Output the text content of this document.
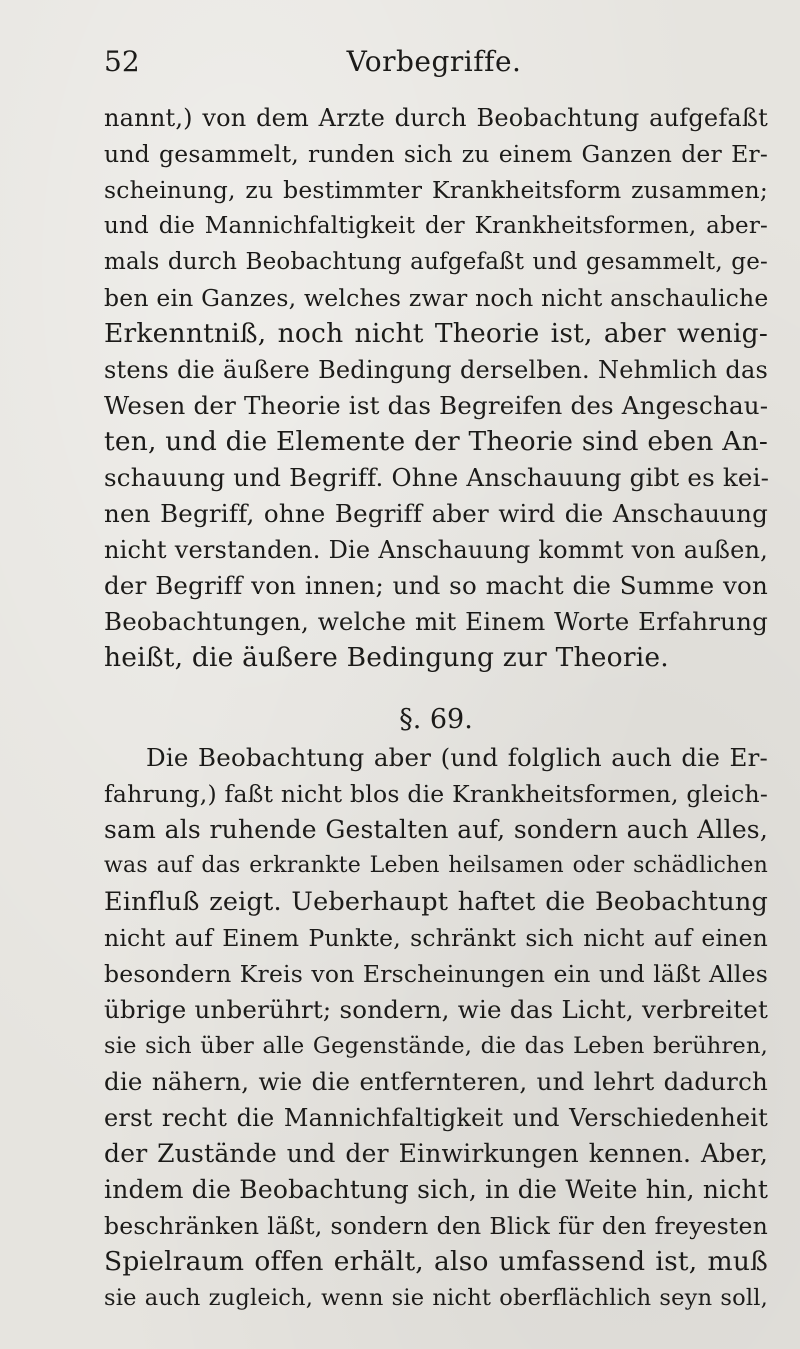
52	Vorbegriffe.
nannt,) von dem Arzte durch Beobachtung aufgefaßt
und gesammelt, runden sich zu einem Ganzen der Er-
scheinung, zu bestimmter Krankheitsform zusammen;
und die Mannichfaltigkeit der Krankheitsformen, aber-
mals durch Beobachtung aufgefaßt und gesammelt, ge-
ben ein Ganzes, welches zwar noch nicht anschauliche
Erkenntniß, noch nicht Theorie ist, aber wenig-
stens die äußere Bedingung derselben. Nehmlich das
Wesen der Theorie ist das Begreifen des Angeschau-
ten, und die Elemente der Theorie sind eben An-
schauung und Begriff. Ohne Anschauung gibt es kei-
nen Begriff, ohne Begriff aber wird die Anschauung
nicht verstanden. Die Anschauung kommt von außen,
der Begriff von innen; und so macht die Summe von
Beobachtungen, welche mit Einem Worte Erfahrung
heißt, die äußere Bedingung zur Theorie.
§. 69.
Die Beobachtung aber (und folglich auch die Er-
fahrung,) faßt nicht blos die Krankheitsformen, gleich-
sam als ruhende Gestalten auf, sondern auch Alles,
was auf das erkrankte Leben heilsamen oder schädlichen
Einfluß zeigt. Ueberhaupt haftet die Beobachtung
nicht auf Einem Punkte, schränkt sich nicht auf einen
besondern Kreis von Erscheinungen ein und läßt Alles
übrige unberührt; sondern, wie das Licht, verbreitet
sie sich über alle Gegenstände, die das Leben berühren,
die nähern, wie die entfernteren, und lehrt dadurch
erst recht die Mannichfaltigkeit und Verschiedenheit
der Zustände und der Einwirkungen kennen. Aber,
indem die Beobachtung sich, in die Weite hin, nicht
beschränken läßt, sondern den Blick für den freyesten
Spielraum offen erhält, also umfassend ist, muß
sie auch zugleich, wenn sie nicht oberflächlich seyn soll,
